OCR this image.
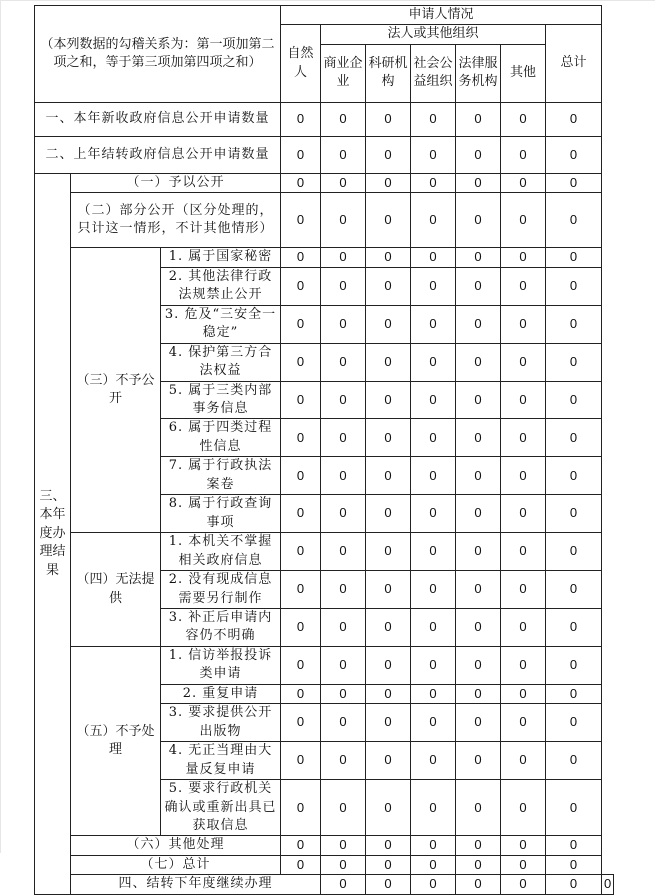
（本列数据的勾稽关系为：第一项加第二项之和，等于第三项加第四项之和）			申请人情况							
			自然人	法人或其他组织					总计	
				商业企业	科研机构	社会公益组织	法律服务机构	其他		
一、本年新收政府信息公开申请数量			0	0	0	0	0	0	0	
二、上年结转政府信息公开申请数量			0	0	0	0	0	0	0	
三、本年度办理结果	（一）予以公开		0	0	0	0	0	0	0	
	（二）部分公开（区分处理的，只计这一情形，不计其他情形）		0	0	0	0	0	0	0	
	（三）不予公开	1. 属于国家秘密	0	0	0	0	0	0	0	
		2. 其他法律行政法规禁止公开	0	0	0	0	0	0	0	
		3. 危及“三安全一稳定”	0	0	0	0	0	0	0	
		4. 保护第三方合法权益	0	0	0	0	0	0	0	
		5. 属于三类内部事务信息	0	0	0	0	0	0	0	
		6. 属于四类过程性信息	0	0	0	0	0	0	0	
		7. 属于行政执法案卷	0	0	0	0	0	0	0	
		8. 属于行政查询事项	0	0	0	0	0	0	0	
	（四）无法提供	1. 本机关不掌握相关政府信息	0	0	0	0	0	0	0	
		2. 没有现成信息需要另行制作	0	0	0	0	0	0	0	
		3. 补正后申请内容仍不明确	0	0	0	0	0	0	0	
	（五）不予处理	1. 信访举报投诉类申请	0	0	0	0	0	0	0	
		2. 重复申请	0	0	0	0	0	0	0	
		3. 要求提供公开出版物	0	0	0	0	0	0	0	
		4. 无正当理由大量反复申请	0	0	0	0	0	0	0	
		5. 要求行政机关确认或重新出具已获取信息	0	0	0	0	0	0	0	
	（六）其他处理		0	0	0	0	0	0	0	
	（七）总计		0	0	0	0	0	0	0	
	四、结转下年度继续办理			0	0	0	0	0	0	0
